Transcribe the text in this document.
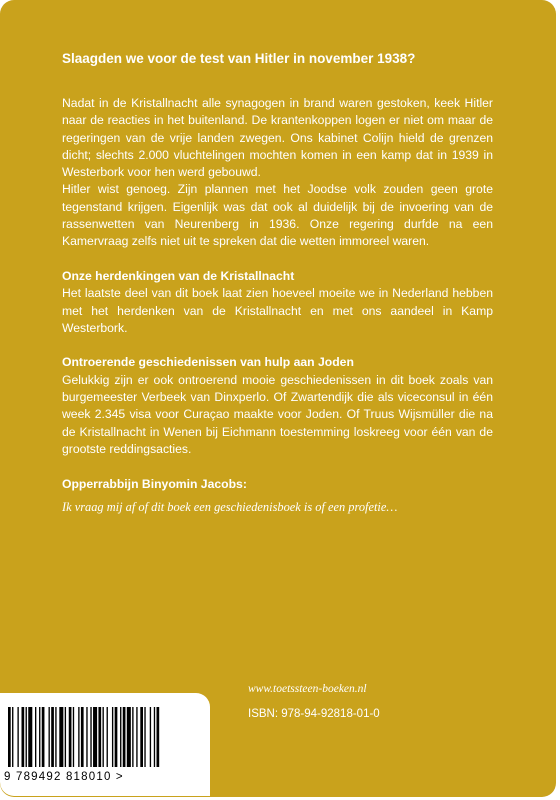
Slaagden we voor de test van Hitler in november 1938?

Nadat in de Kristallnacht alle synagogen in brand waren gestoken, keek Hitler naar de reacties in het buitenland. De krantenkoppen logen er niet om maar de regeringen van de vrije landen zwegen. Ons kabinet Colijn hield de grenzen dicht; slechts 2.000 vluchtelingen mochten komen in een kamp dat in 1939 in Westerbork voor hen werd gebouwd.

Hitler wist genoeg. Zijn plannen met het Joodse volk zouden geen grote tegenstand krijgen. Eigenlijk was dat ook al duidelijk bij de invoering van de rassenwetten van Neurenberg in 1936. Onze regering durfde na een Kamervraag zelfs niet uit te spreken dat die wetten immoreel waren.

Onze herdenkingen van de Kristallnacht

Het laatste deel van dit boek laat zien hoeveel moeite we in Nederland hebben met het herdenken van de Kristallnacht en met ons aandeel in Kamp Westerbork.

Ontroerende geschiedenissen van hulp aan Joden

Gelukkig zijn er ook ontroerend mooie geschiedenissen in dit boek zoals van burgemeester Verbeek van Dinxperlo. Of Zwartendijk die als viceconsul in één week 2.345 visa voor Curaçao maakte voor Joden. Of Truus Wijsmüller die na de Kristallnacht in Wenen bij Eichmann toestemming loskreeg voor één van de grootste reddingsacties.

Opperrabbijn Binyomin Jacobs:

Ik vraag mij af of dit boek een geschiedenisboek is of een profetie…

www.toetssteen-boeken.nl

ISBN: 978-94-92818-01-0

9 789492 818010 >
